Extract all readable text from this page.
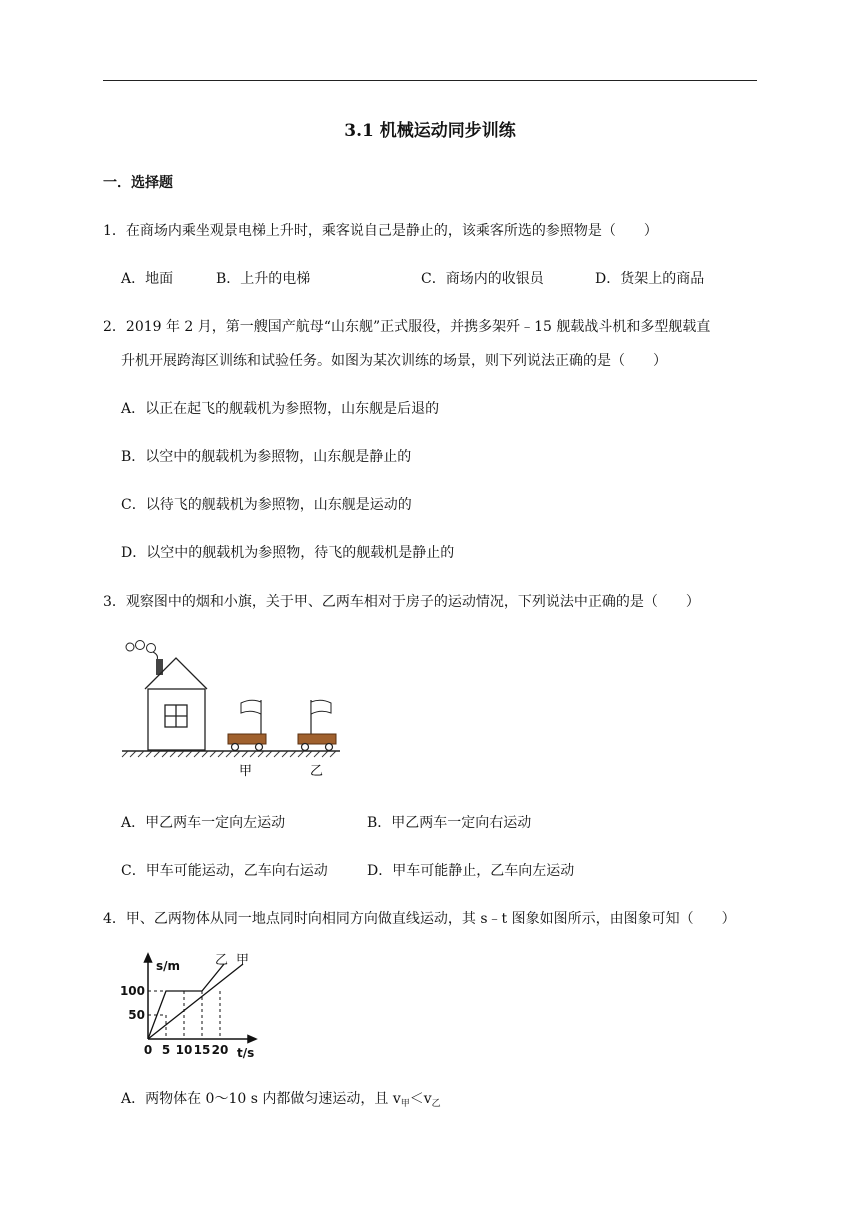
3.1 机械运动同步训练
一．选择题
1．在商场内乘坐观景电梯上升时，乘客说自己是静止的，该乘客所选的参照物是（　　）
A．地面	B．上升的电梯	C．商场内的收银员	D．货架上的商品
2．2019 年 2 月，第一艘国产航母“山东舰”正式服役，并携多架歼﹣15 舰载战斗机和多型舰载直
升机开展跨海区训练和试验任务。如图为某次训练的场景，则下列说法正确的是（　　）
A．以正在起飞的舰载机为参照物，山东舰是后退的
B．以空中的舰载机为参照物，山东舰是静止的
C．以待飞的舰载机为参照物，山东舰是运动的
D．以空中的舰载机为参照物，待飞的舰载机是静止的
3．观察图中的烟和小旗，关于甲、乙两车相对于房子的运动情况，下列说法中正确的是（　　）
甲	乙
A．甲乙两车一定向左运动	B．甲乙两车一定向右运动
C．甲车可能运动，乙车向右运动	D．甲车可能静止，乙车向左运动
4．甲、乙两物体从同一地点同时向相同方向做直线运动，其 s﹣t 图象如图所示，由图象可知（　　）
s/m
t/s
100
50
0 5 10 15 20
乙 甲
A．两物体在 0～10 s 内都做匀速运动，且 $v_甲<v_乙$
